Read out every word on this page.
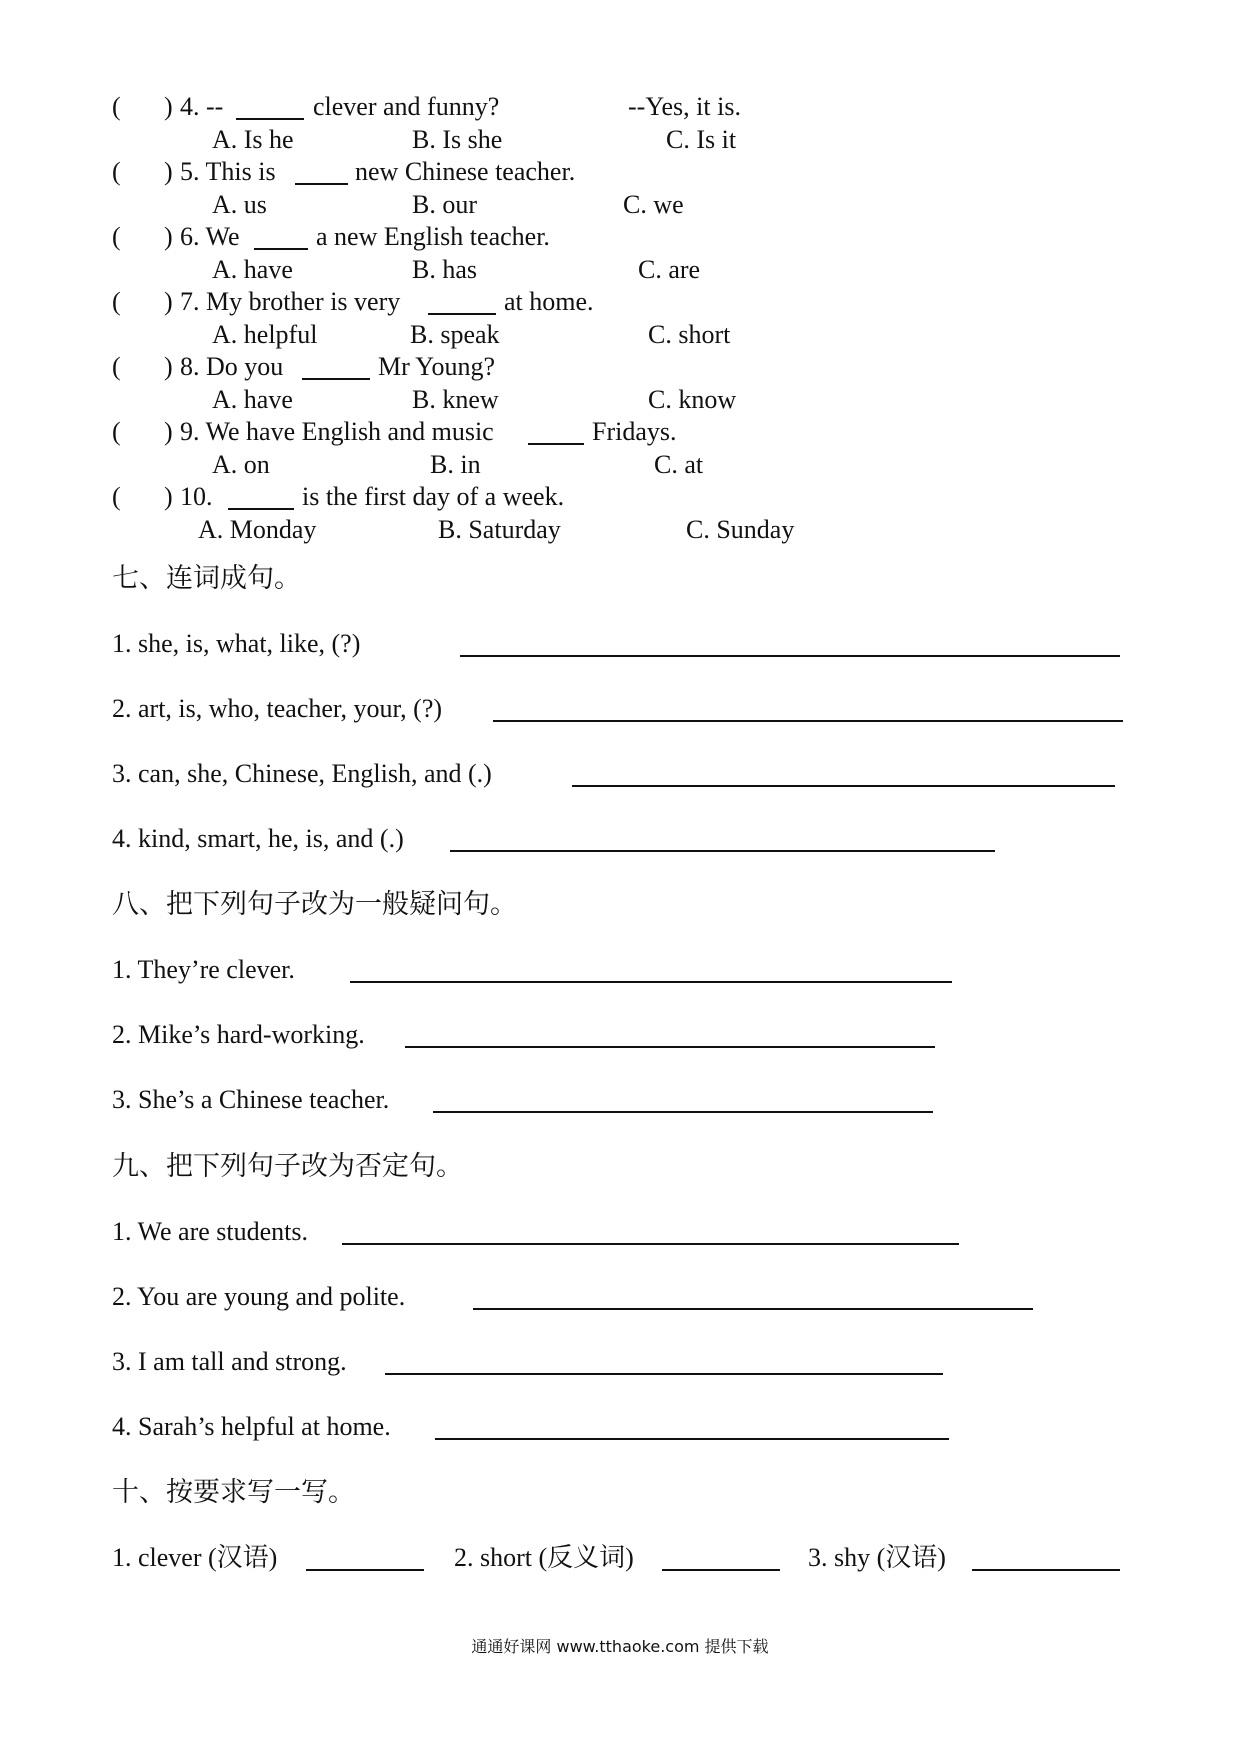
( ) 4. --	clever and funny?	--Yes, it is.
A. Is he	B. Is she	C. Is it
( ) 5. This is	new Chinese teacher.
A. us	B. our	C. we
( ) 6. We	a new English teacher.
A. have	B. has	C. are
( ) 7. My brother is very	at home.
A. helpful	B. speak	C. short
( ) 8. Do you	Mr Young?
A. have	B. knew	C. know
( ) 9. We have English and music	Fridays.
A. on	B. in	C. at
( ) 10.	is the first day of a week.
A. Monday	B. Saturday	C. Sunday
七、连词成句。
1. she, is, what, like, (?)
2. art, is, who, teacher, your, (?)
3. can, she, Chinese, English, and (.)
4. kind, smart, he, is, and (.)
八、把下列句子改为一般疑问句。
1. They’re clever.
2. Mike’s hard-working.
3. She’s a Chinese teacher.
九、把下列句子改为否定句。
1. We are students.
2. You are young and polite.
3. I am tall and strong.
4. Sarah’s helpful at home.
十、按要求写一写。
1. clever (汉语)	2. short (反义词)	3. shy (汉语)
通通好课网 www.tthaoke.com 提供下载
